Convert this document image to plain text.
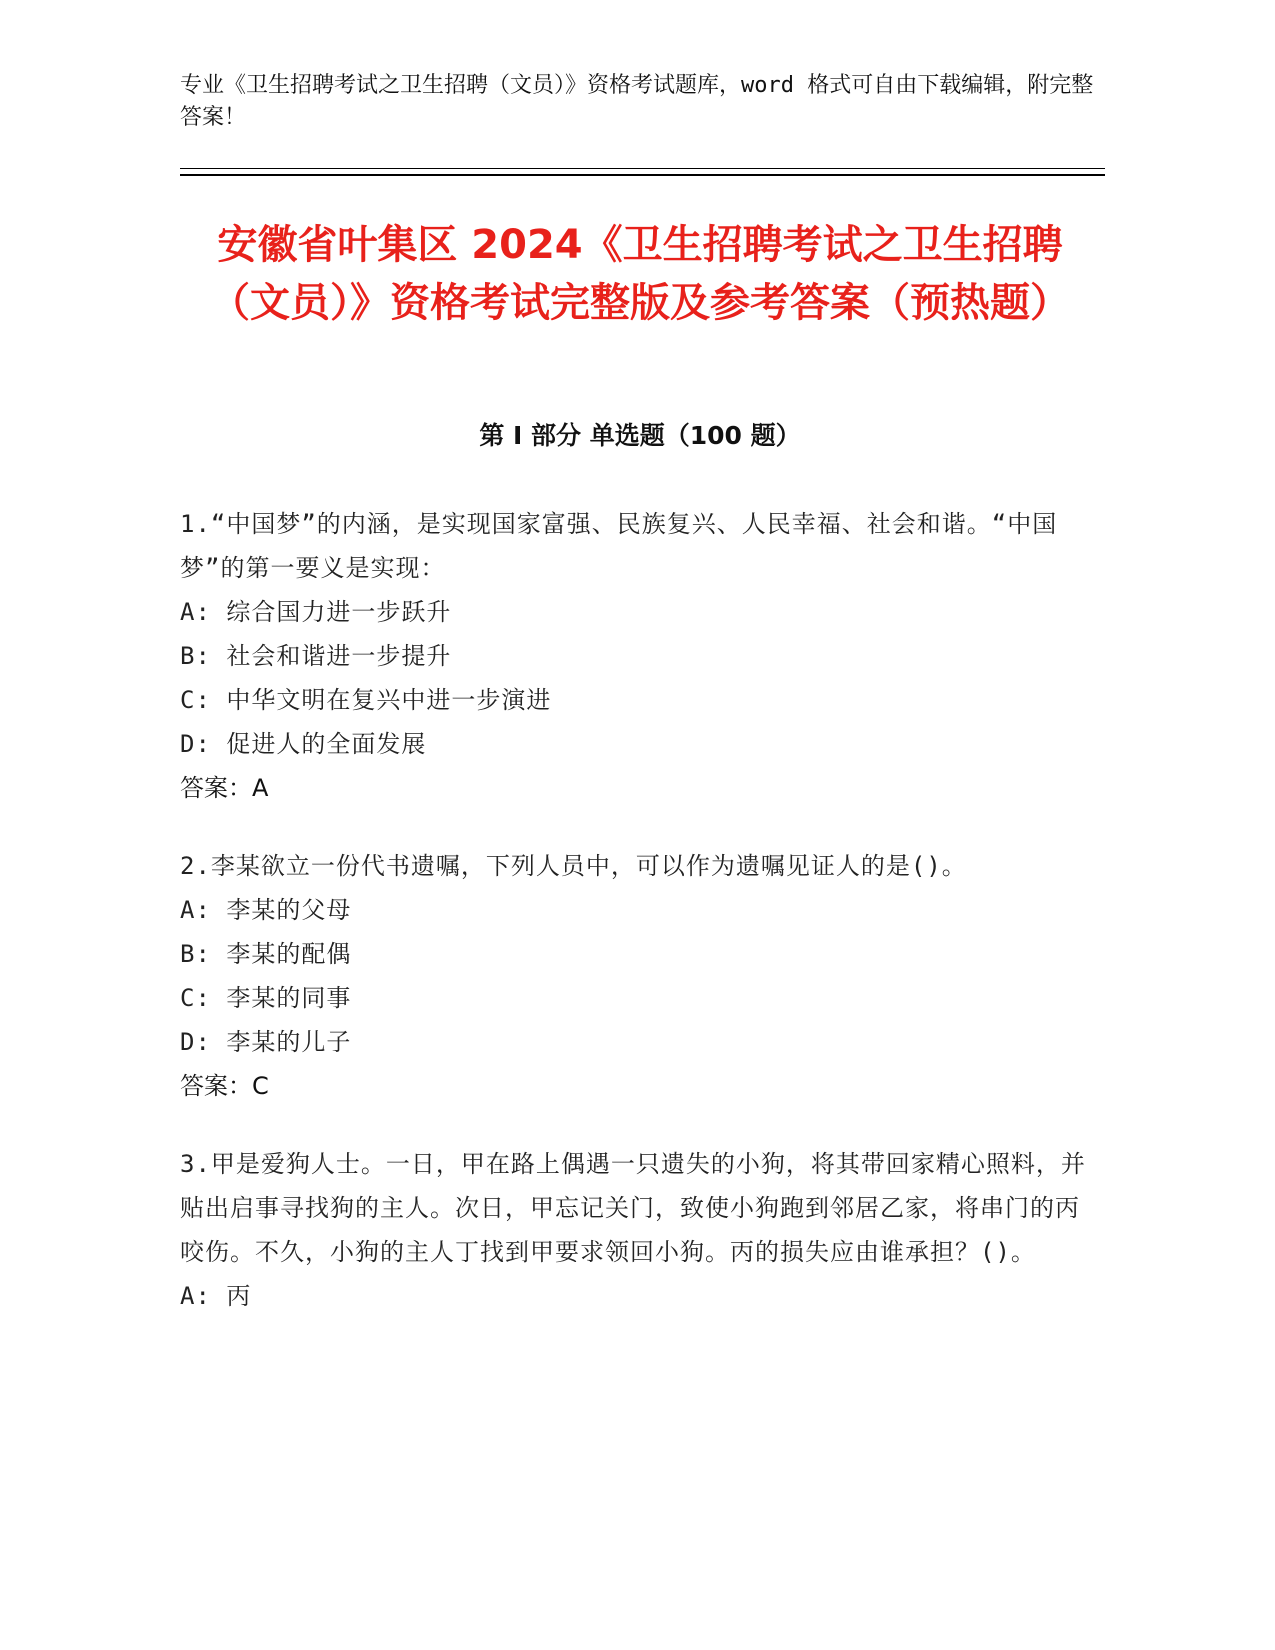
专业《卫生招聘考试之卫生招聘（文员）》资格考试题库，word 格式可自由下载编辑，附完整答案！
安徽省叶集区 2024《卫生招聘考试之卫生招聘（文员）》资格考试完整版及参考答案（预热题）
第 I 部分 单选题（100 题）
1.“中国梦”的内涵，是实现国家富强、民族复兴、人民幸福、社会和谐。“中国梦”的第一要义是实现：
A: 综合国力进一步跃升
B: 社会和谐进一步提升
C: 中华文明在复兴中进一步演进
D: 促进人的全面发展
答案：A
2.李某欲立一份代书遗嘱，下列人员中，可以作为遗嘱见证人的是()。
A: 李某的父母
B: 李某的配偶
C: 李某的同事
D: 李某的儿子
答案：C
3.甲是爱狗人士。一日，甲在路上偶遇一只遗失的小狗，将其带回家精心照料，并贴出启事寻找狗的主人。次日，甲忘记关门，致使小狗跑到邻居乙家，将串门的丙咬伤。不久，小狗的主人丁找到甲要求领回小狗。丙的损失应由谁承担？()。
A: 丙
